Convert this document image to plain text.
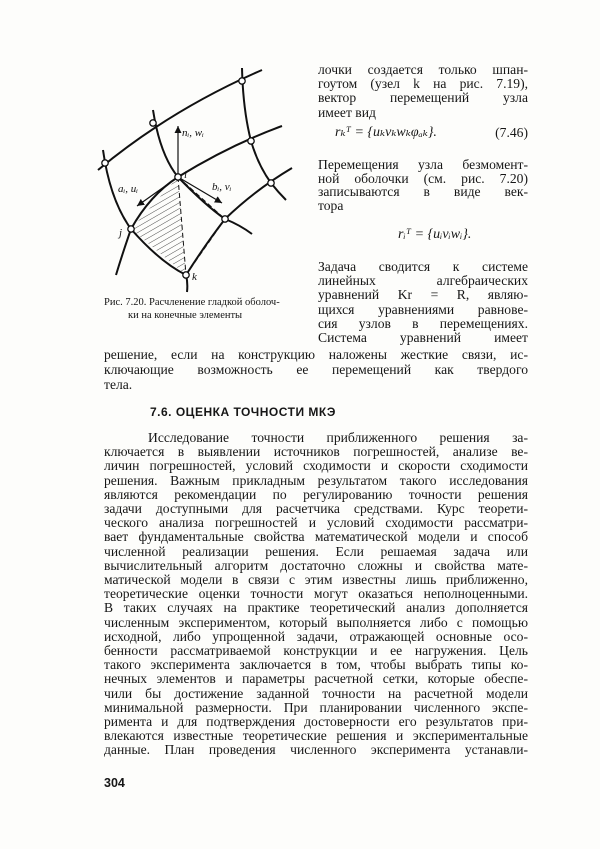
nᵢ, wᵢ
aᵢ, uᵢ	bᵢ, vᵢ
i
j
k
Рис. 7.20. Расчленение гладкой оболоч-
ки на конечные элементы
rₖᵀ = {uₖvₖwₖφₐₖ}.	(7.46)
rᵢᵀ = {uᵢvᵢwᵢ}.
7.6. ОЦЕНКА ТОЧНОСТИ МКЭ
304
лочки создается только шпан-
гоутом (узел k на рис. 7.19),
вектор перемещений узла
имеет вид
Перемещения узла безмомент-
ной оболочки (см. рис. 7.20)
записываются в виде век-
тора
Задача сводится к системе
линейных алгебраических
уравнений Kr = R, являю-
щихся уравнениями равнове-
сия узлов в перемещениях.
Система уравнений имеет
решение, если на конструкцию наложены жесткие связи, ис-
ключающие возможность ее перемещений как твердого
тела.
Исследование точности приближенного решения за-
ключается в выявлении источников погрешностей, анализе ве-
личин погрешностей, условий сходимости и скорости сходимости
решения. Важным прикладным результатом такого исследования
являются рекомендации по регулированию точности решения
задачи доступными для расчетчика средствами. Курс теорети-
ческого анализа погрешностей и условий сходимости рассматри-
вает фундаментальные свойства математической модели и способ
численной реализации решения. Если решаемая задача или
вычислительный алгоритм достаточно сложны и свойства мате-
матической модели в связи с этим известны лишь приближенно,
теоретические оценки точности могут оказаться неполноценными.
В таких случаях на практике теоретический анализ дополняется
численным экспериментом, который выполняется либо с помощью
исходной, либо упрощенной задачи, отражающей основные осо-
бенности рассматриваемой конструкции и ее нагружения. Цель
такого эксперимента заключается в том, чтобы выбрать типы ко-
нечных элементов и параметры расчетной сетки, которые обеспе-
чили бы достижение заданной точности на расчетной модели
минимальной размерности. При планировании численного экспе-
римента и для подтверждения достоверности его результатов при-
влекаются известные теоретические решения и экспериментальные
данные. План проведения численного эксперимента устанавли-
